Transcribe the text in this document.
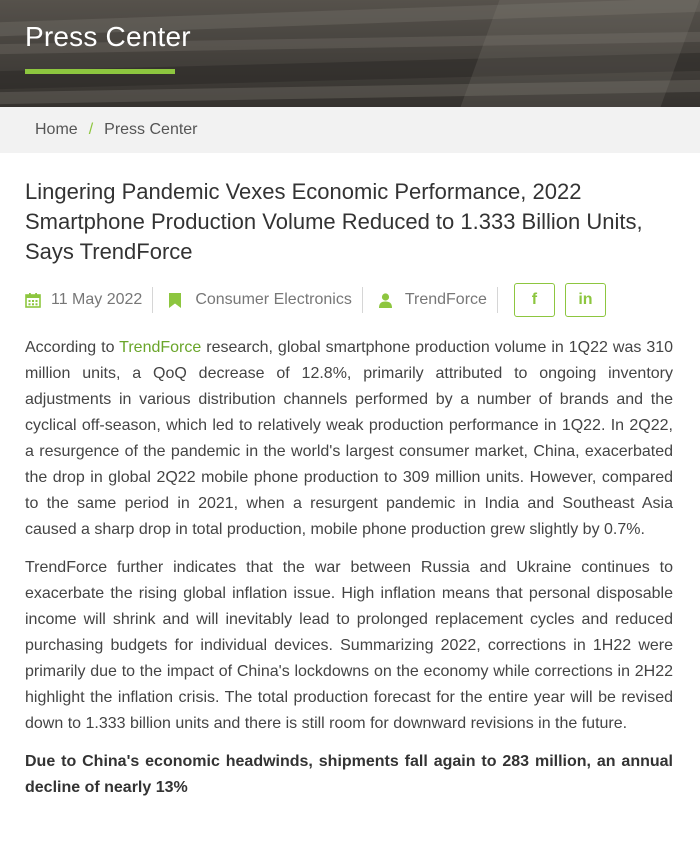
Press Center
Home / Press Center
Lingering Pandemic Vexes Economic Performance, 2022 Smartphone Production Volume Reduced to 1.333 Billion Units, Says TrendForce
11 May 2022	Consumer Electronics	TrendForce	f	in

According to TrendForce research, global smartphone production volume in 1Q22 was 310 million units, a QoQ decrease of 12.8%, primarily attributed to ongoing inventory adjustments in various distribution channels performed by a number of brands and the cyclical off-season, which led to relatively weak production performance in 1Q22. In 2Q22, a resurgence of the pandemic in the world's largest consumer market, China, exacerbated the drop in global 2Q22 mobile phone production to 309 million units. However, compared to the same period in 2021, when a resurgent pandemic in India and Southeast Asia caused a sharp drop in total production, mobile phone production grew slightly by 0.7%.

TrendForce further indicates that the war between Russia and Ukraine continues to exacerbate the rising global inflation issue. High inflation means that personal disposable income will shrink and will inevitably lead to prolonged replacement cycles and reduced purchasing budgets for individual devices. Summarizing 2022, corrections in 1H22 were primarily due to the impact of China's lockdowns on the economy while corrections in 2H22 highlight the inflation crisis. The total production forecast for the entire year will be revised down to 1.333 billion units and there is still room for downward revisions in the future.

Due to China's economic headwinds, shipments fall again to 283 million, an annual decline of nearly 13%
